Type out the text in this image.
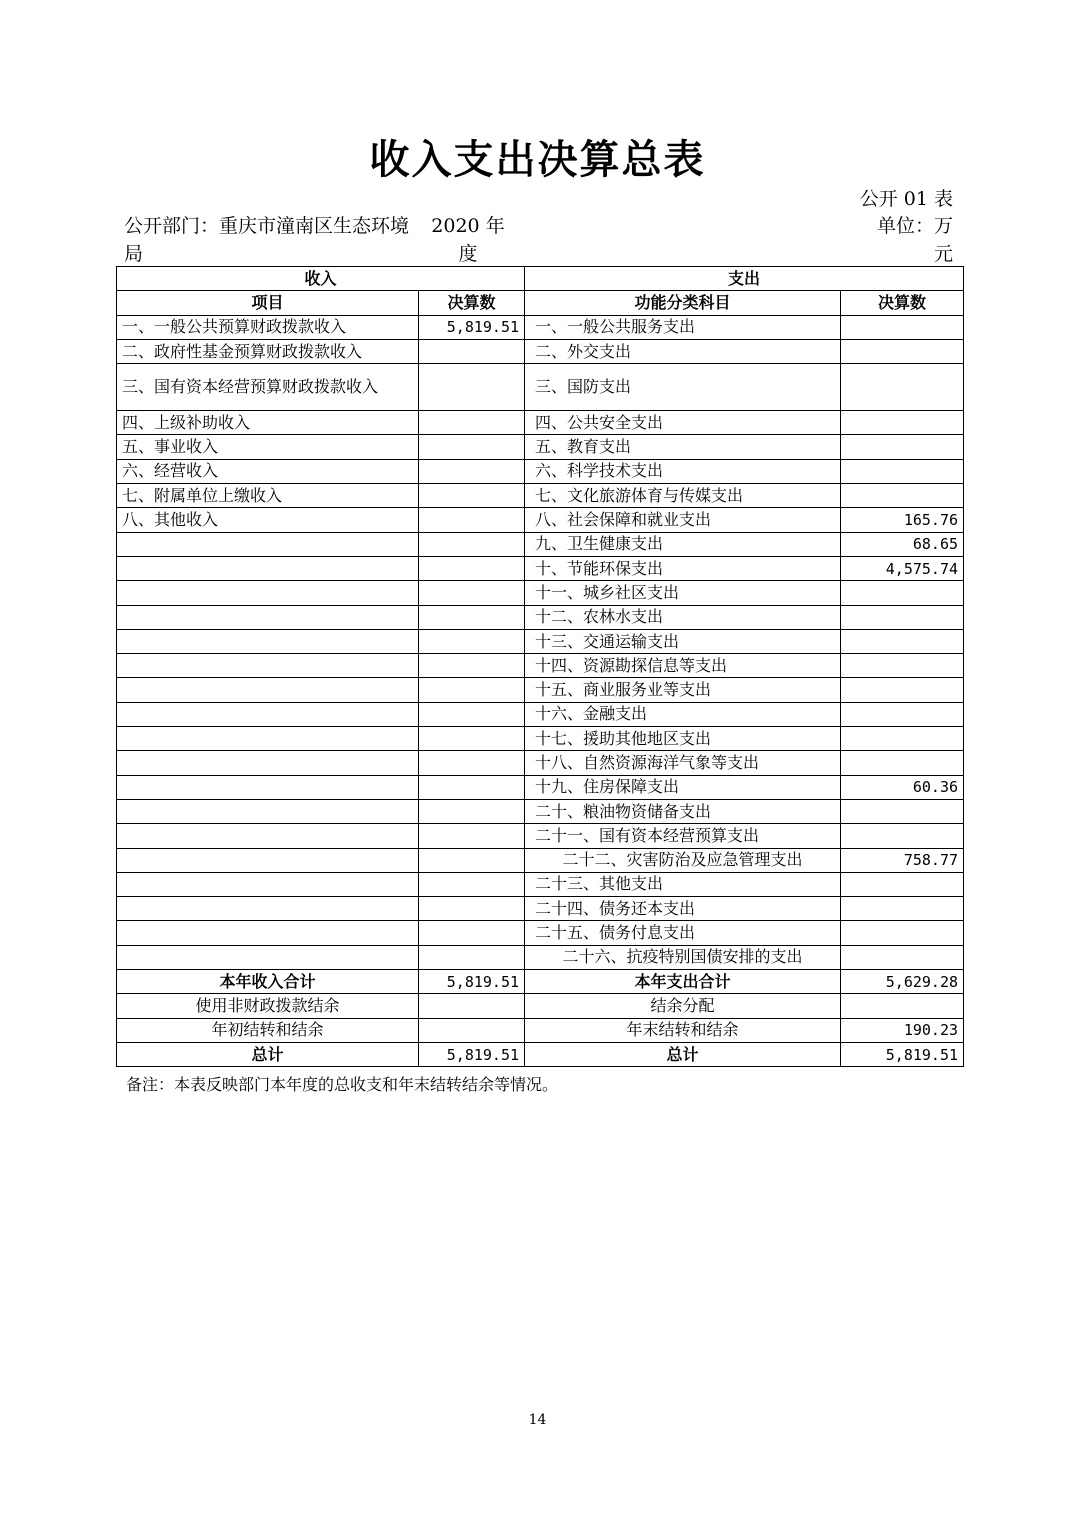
收入支出决算总表
公开 01 表
公开部门：重庆市潼南区生态环境局
2020 年度
单位：万元
收入		支出	
项目	决算数	功能分类科目	决算数
一、一般公共预算财政拨款收入	5,819.51	一、一般公共服务支出	
二、政府性基金预算财政拨款收入		二、外交支出	
三、国有资本经营预算财政拨款收入		三、国防支出	
四、上级补助收入		四、公共安全支出	
五、事业收入		五、教育支出	
六、经营收入		六、科学技术支出	
七、附属单位上缴收入		七、文化旅游体育与传媒支出	
八、其他收入		八、社会保障和就业支出	165.76
		九、卫生健康支出	68.65
		十、节能环保支出	4,575.74
		十一、城乡社区支出	
		十二、农林水支出	
		十三、交通运输支出	
		十四、资源勘探信息等支出	
		十五、商业服务业等支出	
		十六、金融支出	
		十七、援助其他地区支出	
		十八、自然资源海洋气象等支出	
		十九、住房保障支出	60.36
		二十、粮油物资储备支出	
		二十一、国有资本经营预算支出	
		二十二、灾害防治及应急管理支出	758.77
		二十三、其他支出	
		二十四、债务还本支出	
		二十五、债务付息支出	
		二十六、抗疫特别国债安排的支出	
本年收入合计	5,819.51	本年支出合计	5,629.28
使用非财政拨款结余		结余分配	
年初结转和结余		年末结转和结余	190.23
总计	5,819.51	总计	5,819.51
备注：本表反映部门本年度的总收支和年末结转结余等情况。
14
